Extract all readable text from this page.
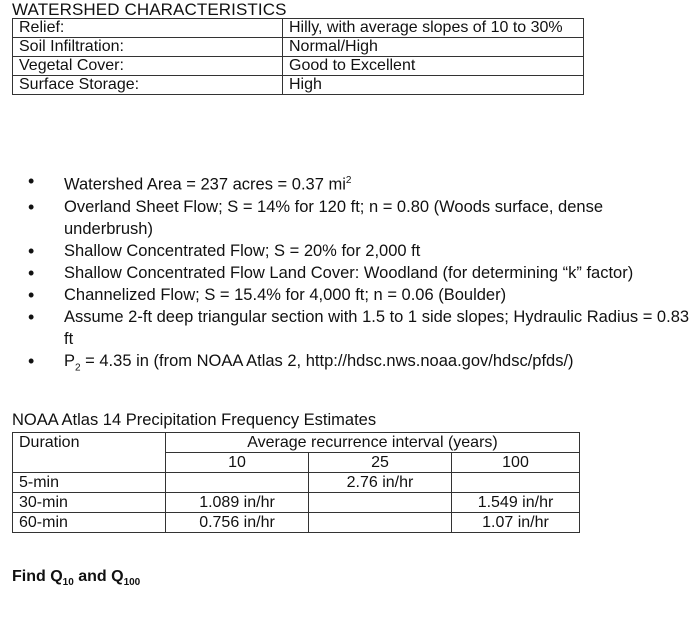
WATERSHED CHARACTERISTICS
Relief:	Hilly, with average slopes of 10 to 30%
Soil Infiltration:	Normal/High
Vegetal Cover:	Good to Excellent
Surface Storage:	High
• Watershed Area = 237 acres = 0.37 $mi^2$
• Overland Sheet Flow; S = 14% for 120 ft; n = 0.80 (Woods surface, dense underbrush)
• Shallow Concentrated Flow; S = 20% for 2,000 ft
• Shallow Concentrated Flow Land Cover: Woodland (for determining “k” factor)
• Channelized Flow; S = 15.4% for 4,000 ft; n = 0.06 (Boulder)
• Assume 2-ft deep triangular section with 1.5 to 1 side slopes; Hydraulic Radius = 0.83 ft
• $P_2 = 4.35$ in (from NOAA Atlas 2, http://hdsc.nws.noaa.gov/hdsc/pfds/)
NOAA Atlas 14 Precipitation Frequency Estimates
Duration	Average recurrence interval (years)		
	10	25	100
5-min		2.76 in/hr	
30-min	1.089 in/hr		1.549 in/hr
60-min	0.756 in/hr		1.07 in/hr
Find $Q_{10}$ and $Q_{100}$
